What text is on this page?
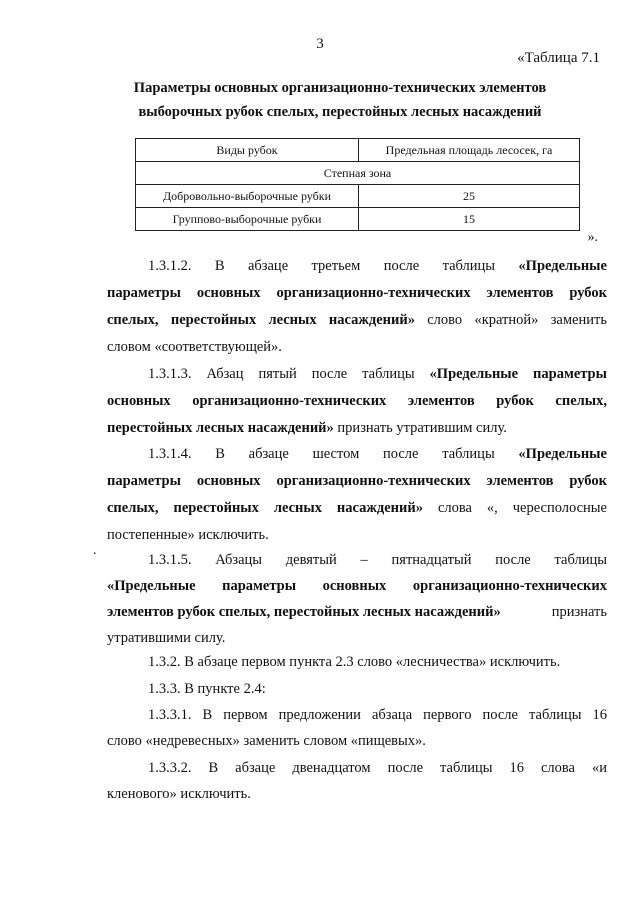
3
«Таблица 7.1
Параметры основных организационно-технических элементов
выборочных рубок спелых, перестойных лесных насаждений
Виды рубок	Предельная площадь лесосек, га
Степная зона	
Добровольно-выборочные рубки	25
Группово-выборочные рубки	15
».
1.3.1.2. В абзаце третьем после таблицы «Предельные
параметры основных организационно-технических элементов рубок
спелых, перестойных лесных насаждений» слово «кратной» заменить
словом «соответствующей».
1.3.1.3. Абзац пятый после таблицы «Предельные параметры
основных организационно-технических элементов рубок спелых,
перестойных лесных насаждений» признать утратившим силу.
1.3.1.4. В абзаце шестом после таблицы «Предельные
параметры основных организационно-технических элементов рубок
спелых, перестойных лесных насаждений» слова «, чересполосные
постепенные» исключить.
.
1.3.1.5. Абзацы девятый – пятнадцатый после таблицы
«Предельные параметры основных организационно-технических
элементов рубок спелых, перестойных лесных насаждений»	признать
утратившими силу.
1.3.2. В абзаце первом пункта 2.3 слово «лесничества» исключить.
1.3.3. В пункте 2.4:
1.3.3.1. В первом предложении абзаца первого после таблицы 16
слово «недревесных» заменить словом «пищевых».
1.3.3.2. В абзаце двенадцатом после таблицы 16 слова «и
кленового» исключить.
